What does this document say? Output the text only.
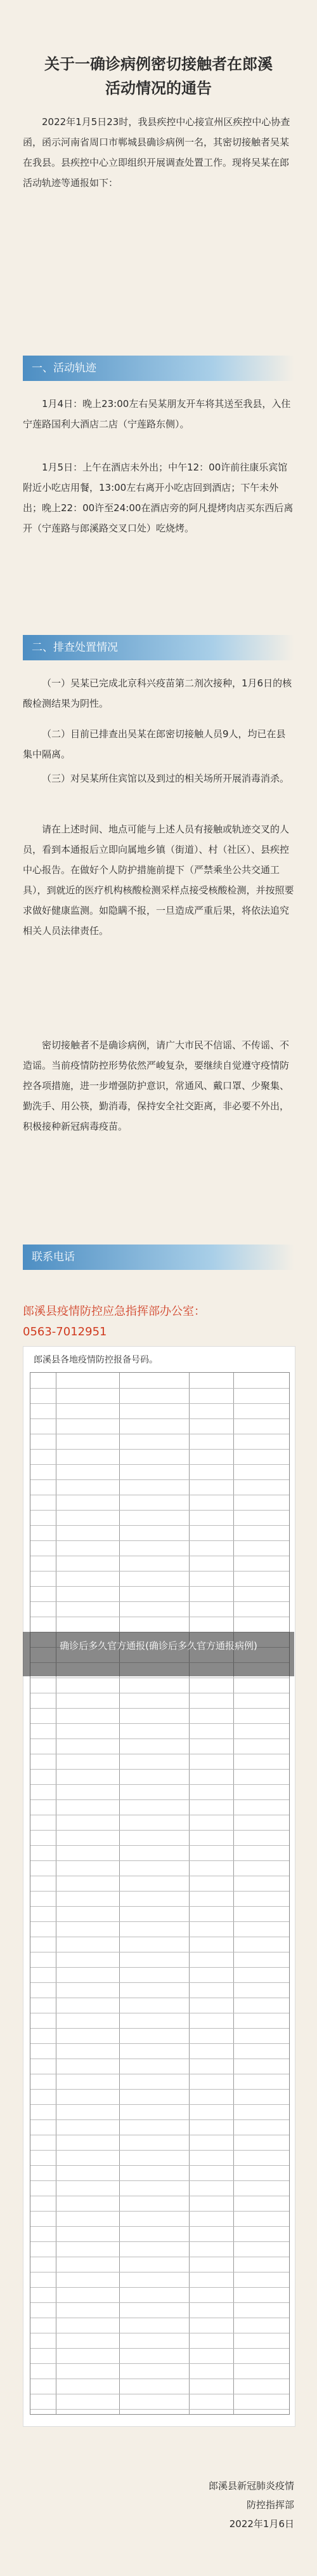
关于一确诊病例密切接触者在郎溪
活动情况的通告
2022年1月5日23时，我县疾控中心接宣州区疾控中心协查函，函示河南省周口市郸城县确诊病例一名，其密切接触者吴某在我县。县疾控中心立即组织开展调查处置工作。现将吴某在郎活动轨迹等通报如下：
一、活动轨迹
1月4日：晚上23:00左右吴某朋友开车将其送至我县，入住宁莲路国利大酒店二店（宁莲路东侧）。
1月5日：上午在酒店未外出；中午12：00许前往康乐宾馆附近小吃店用餐，13:00左右离开小吃店回到酒店；下午未外出；晚上22：00许至24:00在酒店旁的阿凡提烤肉店买东西后离开（宁莲路与郎溪路交叉口处）吃烧烤。
二、排查处置情况
（一）吴某已完成北京科兴疫苗第二剂次接种，1月6日的核酸检测结果为阴性。
（二）目前已排查出吴某在郎密切接触人员9人，均已在县集中隔离。
（三）对吴某所住宾馆以及到过的相关场所开展消毒消杀。
请在上述时间、地点可能与上述人员有接触或轨迹交叉的人员，看到本通报后立即向属地乡镇（街道）、村（社区）、县疾控中心报告。在做好个人防护措施前提下（严禁乘坐公共交通工具），到就近的医疗机构核酸检测采样点接受核酸检测，并按照要求做好健康监测。如隐瞒不报，一旦造成严重后果，将依法追究相关人员法律责任。
密切接触者不是确诊病例，请广大市民不信谣、不传谣、不造谣。当前疫情防控形势依然严峻复杂，要继续自觉遵守疫情防控各项措施，进一步增强防护意识，常通风、戴口罩、少聚集、勤洗手、用公筷，勤消毒，保持安全社交距离，非必要不外出，积极接种新冠病毒疫苗。
联系电话
郎溪县疫情防控应急指挥部办公室：
0563-7012951
郎溪县各地疫情防控报备号码。
确诊后多久官方通报(确诊后多久官方通报病例)
郎溪县新冠肺炎疫情
防控指挥部
2022年1月6日
